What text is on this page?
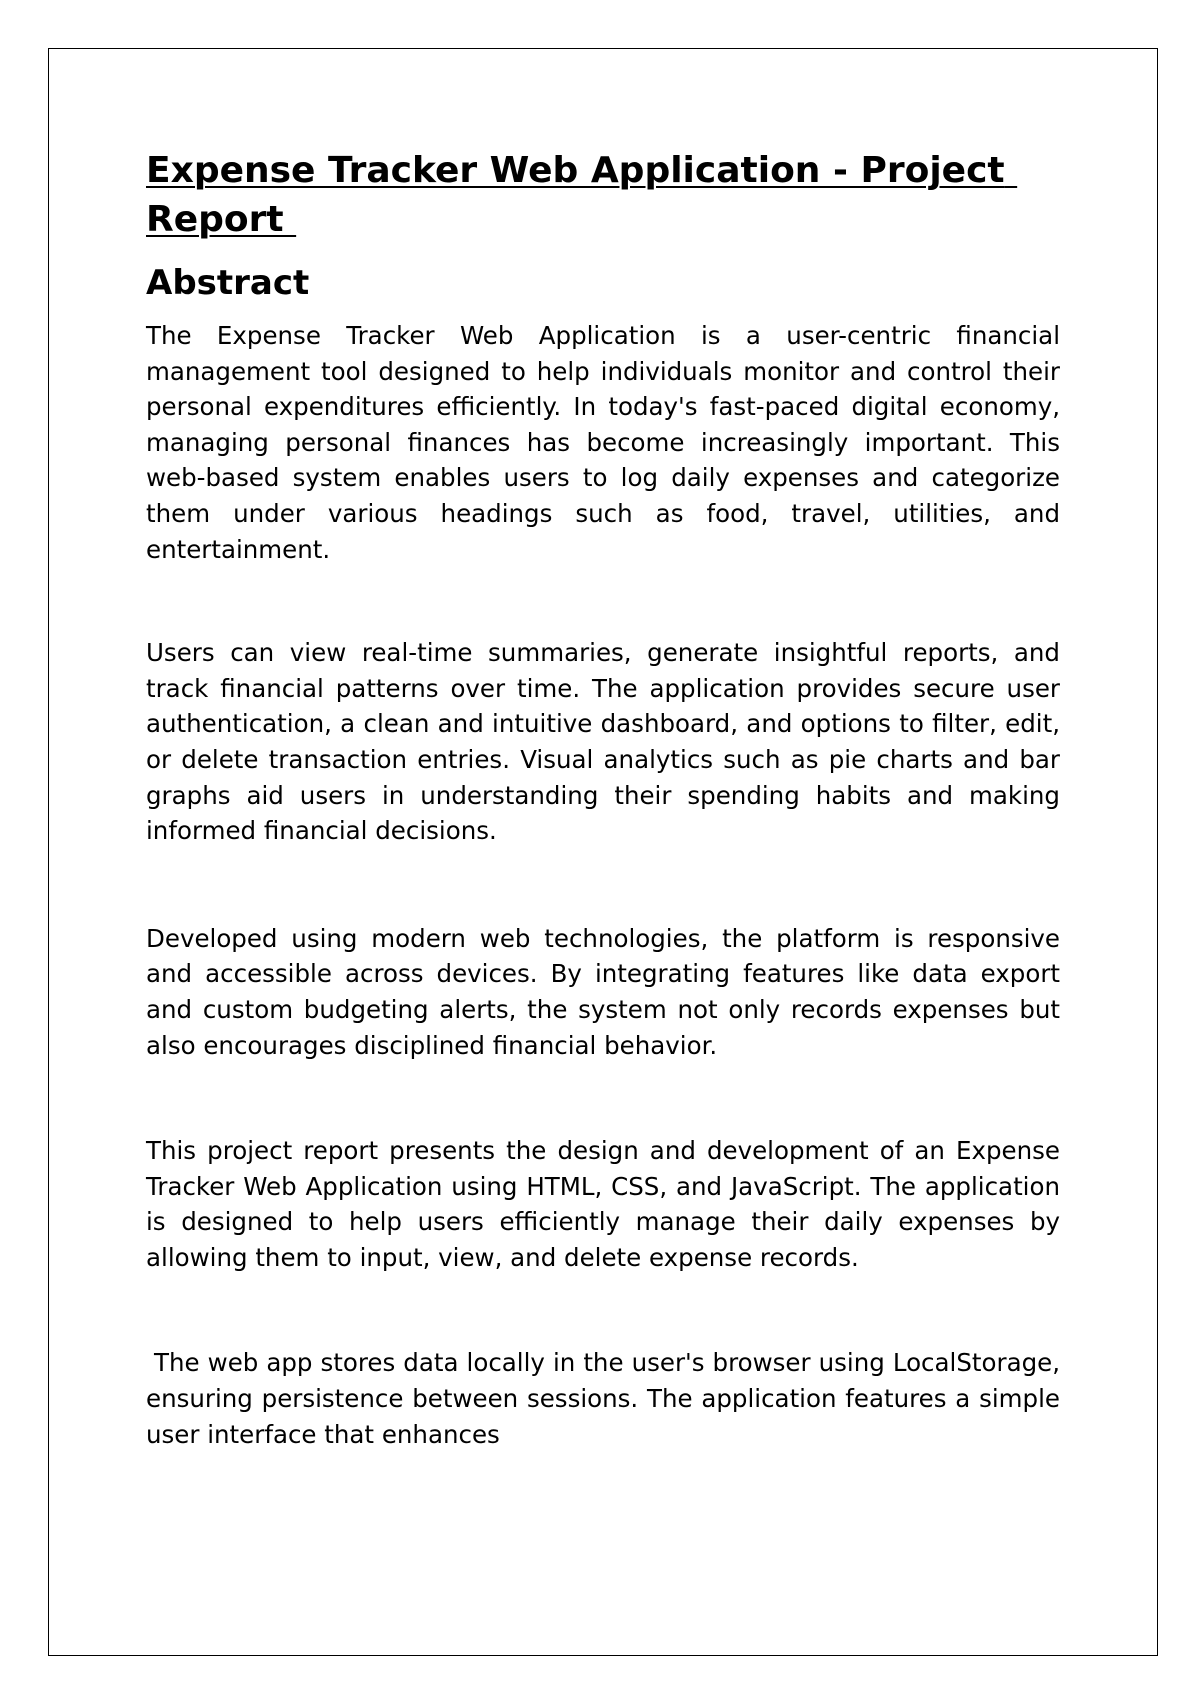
Expense Tracker Web Application - Project Report
Abstract

The Expense Tracker Web Application is a user-centric financial management tool designed to help individuals monitor and control their personal expenditures efficiently. In today's fast-paced digital economy, managing personal finances has become increasingly important. This web-based system enables users to log daily expenses and categorize them under various headings such as food, travel, utilities, and entertainment.

Users can view real-time summaries, generate insightful reports, and track financial patterns over time. The application provides secure user authentication, a clean and intuitive dashboard, and options to filter, edit, or delete transaction entries. Visual analytics such as pie charts and bar graphs aid users in understanding their spending habits and making informed financial decisions.

Developed using modern web technologies, the platform is responsive and accessible across devices. By integrating features like data export and custom budgeting alerts, the system not only records expenses but also encourages disciplined financial behavior.

This project report presents the design and development of an Expense Tracker Web Application using HTML, CSS, and JavaScript. The application is designed to help users efficiently manage their daily expenses by allowing them to input, view, and delete expense records.

The web app stores data locally in the user's browser using LocalStorage, ensuring persistence between sessions. The application features a simple user interface that enhances
